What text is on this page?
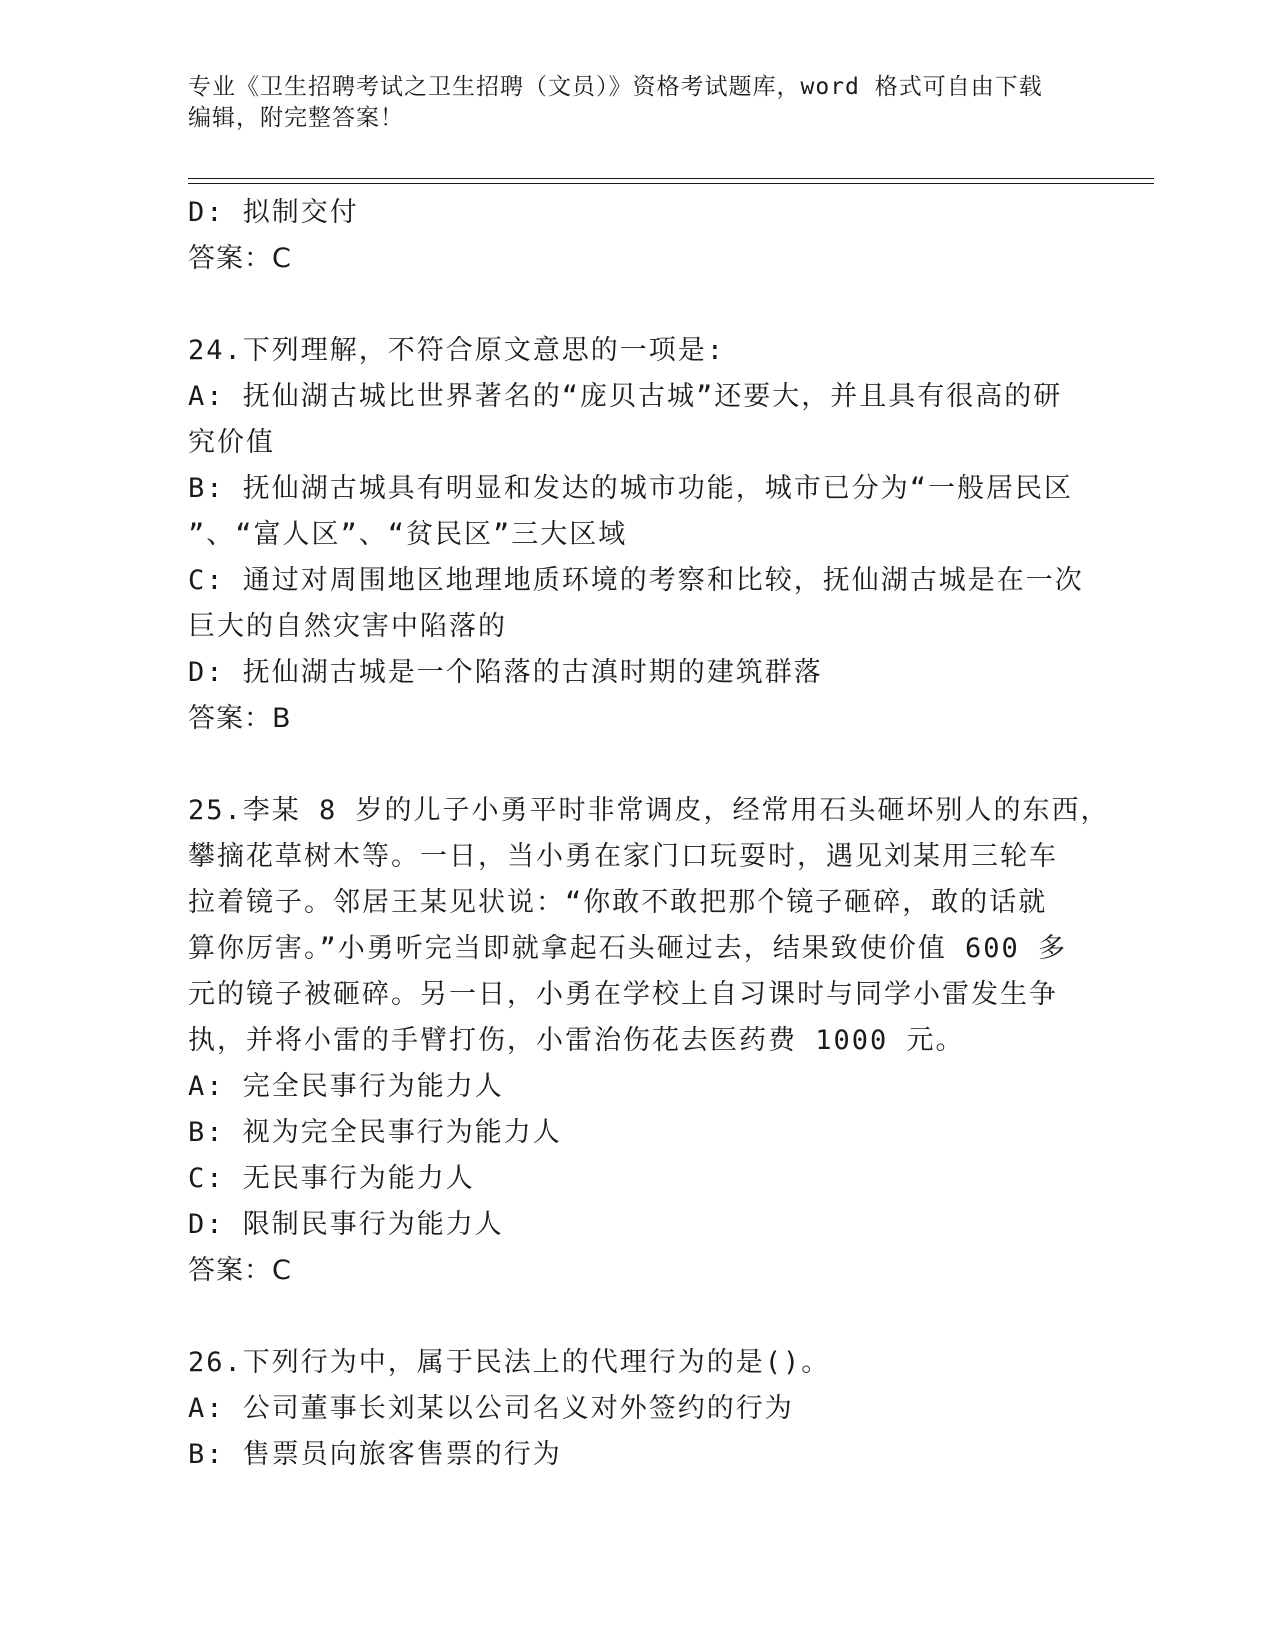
专业《卫生招聘考试之卫生招聘（文员）》资格考试题库，word 格式可自由下载
编辑，附完整答案！
D: 拟制交付
答案：C
24.下列理解，不符合原文意思的一项是:
A: 抚仙湖古城比世界著名的“庞贝古城”还要大，并且具有很高的研
究价值
B: 抚仙湖古城具有明显和发达的城市功能，城市已分为“一般居民区
”、“富人区”、“贫民区”三大区域
C: 通过对周围地区地理地质环境的考察和比较，抚仙湖古城是在一次
巨大的自然灾害中陷落的
D: 抚仙湖古城是一个陷落的古滇时期的建筑群落
答案：B
25.李某 8 岁的儿子小勇平时非常调皮，经常用石头砸坏别人的东西，
攀摘花草树木等。一日，当小勇在家门口玩耍时，遇见刘某用三轮车
拉着镜子。邻居王某见状说：“你敢不敢把那个镜子砸碎，敢的话就
算你厉害。”小勇听完当即就拿起石头砸过去，结果致使价值 600 多
元的镜子被砸碎。另一日，小勇在学校上自习课时与同学小雷发生争
执，并将小雷的手臂打伤，小雷治伤花去医药费 1000 元。
A: 完全民事行为能力人
B: 视为完全民事行为能力人
C: 无民事行为能力人
D: 限制民事行为能力人
答案：C
26.下列行为中，属于民法上的代理行为的是()。
A: 公司董事长刘某以公司名义对外签约的行为
B: 售票员向旅客售票的行为
